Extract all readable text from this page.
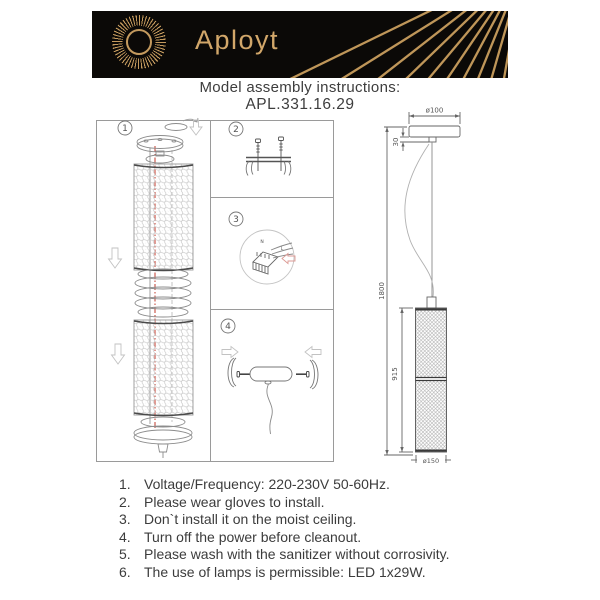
Aployt
Model assembly instructions:
APL.331.16.29
1	2
3
N
L
4
ø100
30
1800
915
ø150
1. Voltage/Frequency: 220-230V 50-60Hz.
2. Please wear gloves to install.
3. Don`t install it on the moist ceiling.
4. Turn off the power before cleanout.
5. Please wash with the sanitizer without corrosivity.
6. The use of lamps is permissible: LED 1x29W.
